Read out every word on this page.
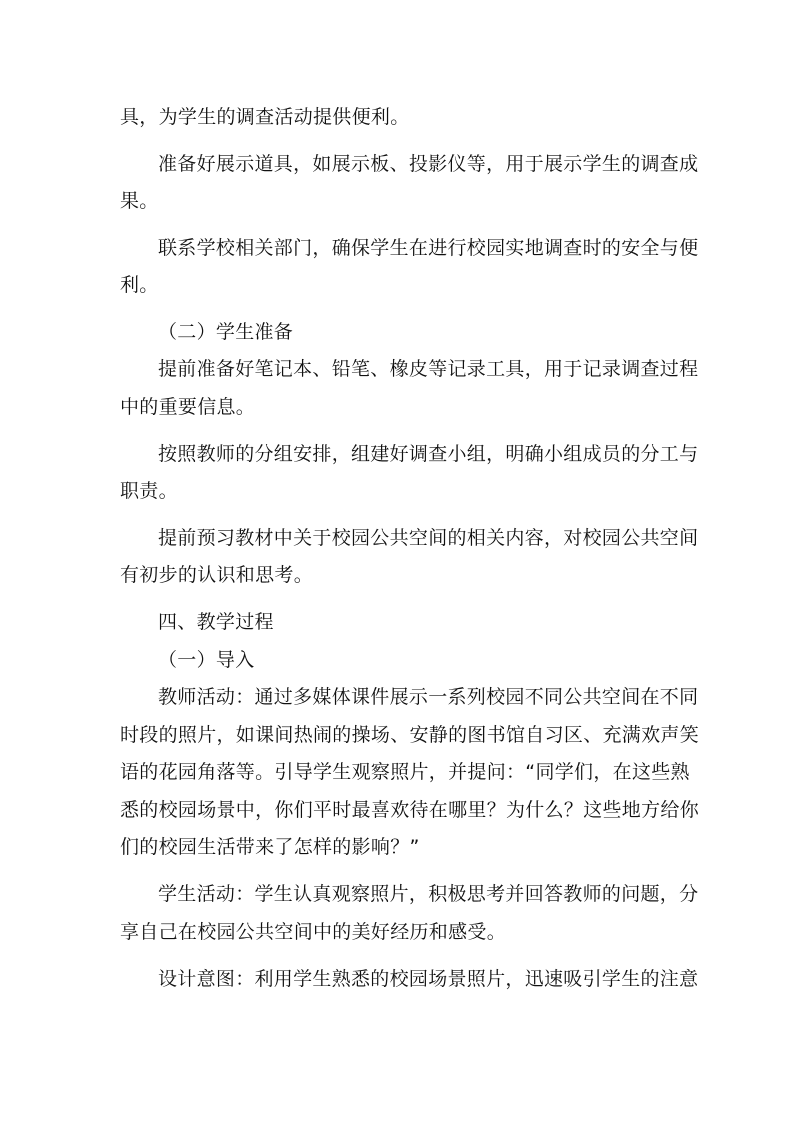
具，为学生的调查活动提供便利。
准备好展示道具，如展示板、投影仪等，用于展示学生的调查成
果。
联系学校相关部门，确保学生在进行校园实地调查时的安全与便
利。
（二）学生准备
提前准备好笔记本、铅笔、橡皮等记录工具，用于记录调查过程
中的重要信息。
按照教师的分组安排，组建好调查小组，明确小组成员的分工与
职责。
提前预习教材中关于校园公共空间的相关内容，对校园公共空间
有初步的认识和思考。
四、教学过程
（一）导入
教师活动：通过多媒体课件展示一系列校园不同公共空间在不同
时段的照片，如课间热闹的操场、安静的图书馆自习区、充满欢声笑
语的花园角落等。引导学生观察照片，并提问：“同学们，在这些熟
悉的校园场景中，你们平时最喜欢待在哪里？为什么？这些地方给你
们的校园生活带来了怎样的影响？”
学生活动：学生认真观察照片，积极思考并回答教师的问题，分
享自己在校园公共空间中的美好经历和感受。
设计意图：利用学生熟悉的校园场景照片，迅速吸引学生的注意
